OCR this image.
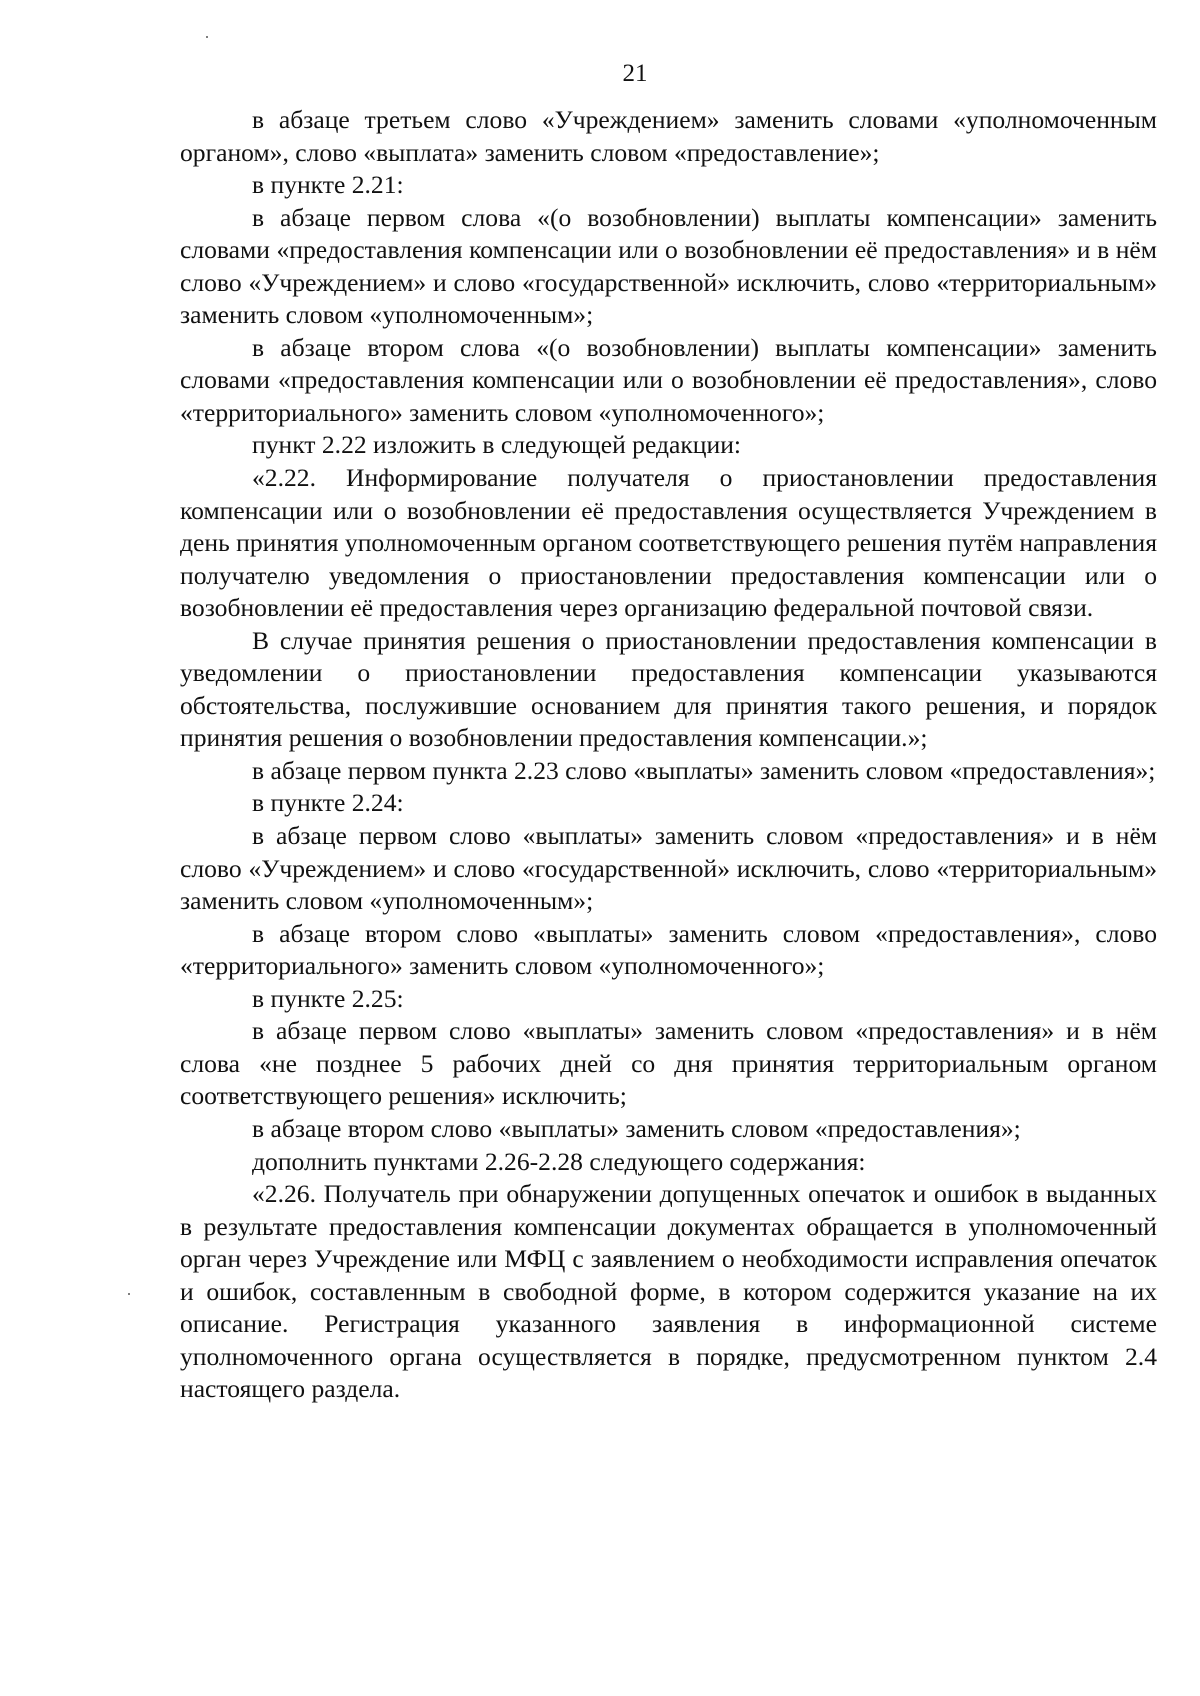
21

в абзаце третьем слово «Учреждением» заменить словами «уполномоченным органом», слово «выплата» заменить словом «предоставление»;

в пункте 2.21:

в абзаце первом слова «(о возобновлении) выплаты компенсации» заменить словами «предоставления компенсации или о возобновлении её предоставления» и в нём слово «Учреждением» и слово «государственной» исключить, слово «территориальным» заменить словом «уполномоченным»;

в абзаце втором слова «(о возобновлении) выплаты компенсации» заменить словами «предоставления компенсации или о возобновлении её предоставления», слово «территориального» заменить словом «уполномоченного»;

пункт 2.22 изложить в следующей редакции:

«2.22. Информирование получателя о приостановлении предоставления компенсации или о возобновлении её предоставления осуществляется Учреждением в день принятия уполномоченным органом соответствующего решения путём направления получателю уведомления о приостановлении предоставления компенсации или о возобновлении её предоставления через организацию федеральной почтовой связи.

В случае принятия решения о приостановлении предоставления компенсации в уведомлении о приостановлении предоставления компенсации указываются обстоятельства, послужившие основанием для принятия такого решения, и порядок принятия решения о возобновлении предоставления компенсации.»;

в абзаце первом пункта 2.23 слово «выплаты» заменить словом «предоставления»;

в пункте 2.24:

в абзаце первом слово «выплаты» заменить словом «предоставления» и в нём слово «Учреждением» и слово «государственной» исключить, слово «территориальным» заменить словом «уполномоченным»;

в абзаце втором слово «выплаты» заменить словом «предоставления», слово «территориального» заменить словом «уполномоченного»;

в пункте 2.25:

в абзаце первом слово «выплаты» заменить словом «предоставления» и в нём слова «не позднее 5 рабочих дней со дня принятия территориальным органом соответствующего решения» исключить;

в абзаце втором слово «выплаты» заменить словом «предоставления»;

дополнить пунктами 2.26-2.28 следующего содержания:

«2.26. Получатель при обнаружении допущенных опечаток и ошибок в выданных в результате предоставления компенсации документах обращается в уполномоченный орган через Учреждение или МФЦ с заявлением о необходимости исправления опечаток и ошибок, составленным в свободной форме, в котором содержится указание на их описание. Регистрация указанного заявления в информационной системе уполномоченного органа осуществляется в порядке, предусмотренном пунктом 2.4 настоящего раздела.
